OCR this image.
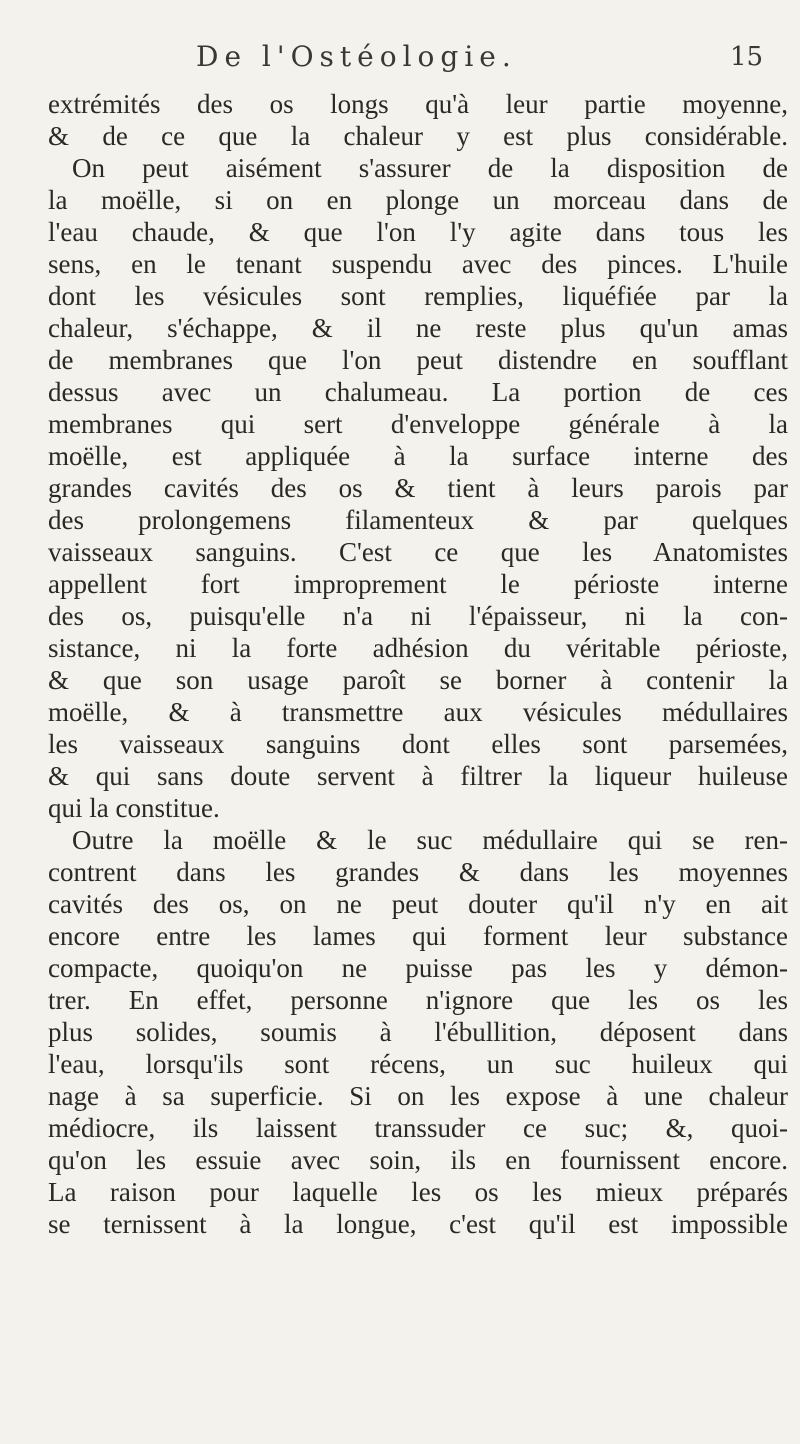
De l'Ostéologie.	15
extrémités des os longs qu'à leur partie moyenne,
& de ce que la chaleur y est plus considérable.
On peut aisément s'assurer de la disposition de
la moëlle, si on en plonge un morceau dans de
l'eau chaude, & que l'on l'y agite dans tous les
sens, en le tenant suspendu avec des pinces. L'huile
dont les vésicules sont remplies, liquéfiée par la
chaleur, s'échappe, & il ne reste plus qu'un amas
de membranes que l'on peut distendre en soufflant
dessus avec un chalumeau. La portion de ces
membranes qui sert d'enveloppe générale à la
moëlle, est appliquée à la surface interne des
grandes cavités des os & tient à leurs parois par
des prolongemens filamenteux & par quelques
vaisseaux sanguins. C'est ce que les Anatomistes
appellent fort improprement le périoste interne
des os, puisqu'elle n'a ni l'épaisseur, ni la con-
sistance, ni la forte adhésion du véritable périoste,
& que son usage paroît se borner à contenir la
moëlle, & à transmettre aux vésicules médullaires
les vaisseaux sanguins dont elles sont parsemées,
& qui sans doute servent à filtrer la liqueur huileuse
qui la constitue.
Outre la moëlle & le suc médullaire qui se ren-
contrent dans les grandes & dans les moyennes
cavités des os, on ne peut douter qu'il n'y en ait
encore entre les lames qui forment leur substance
compacte, quoiqu'on ne puisse pas les y démon-
trer. En effet, personne n'ignore que les os les
plus solides, soumis à l'ébullition, déposent dans
l'eau, lorsqu'ils sont récens, un suc huileux qui
nage à sa superficie. Si on les expose à une chaleur
médiocre, ils laissent transsuder ce suc; &, quoi-
qu'on les essuie avec soin, ils en fournissent encore.
La raison pour laquelle les os les mieux préparés
se ternissent à la longue, c'est qu'il est impossible
